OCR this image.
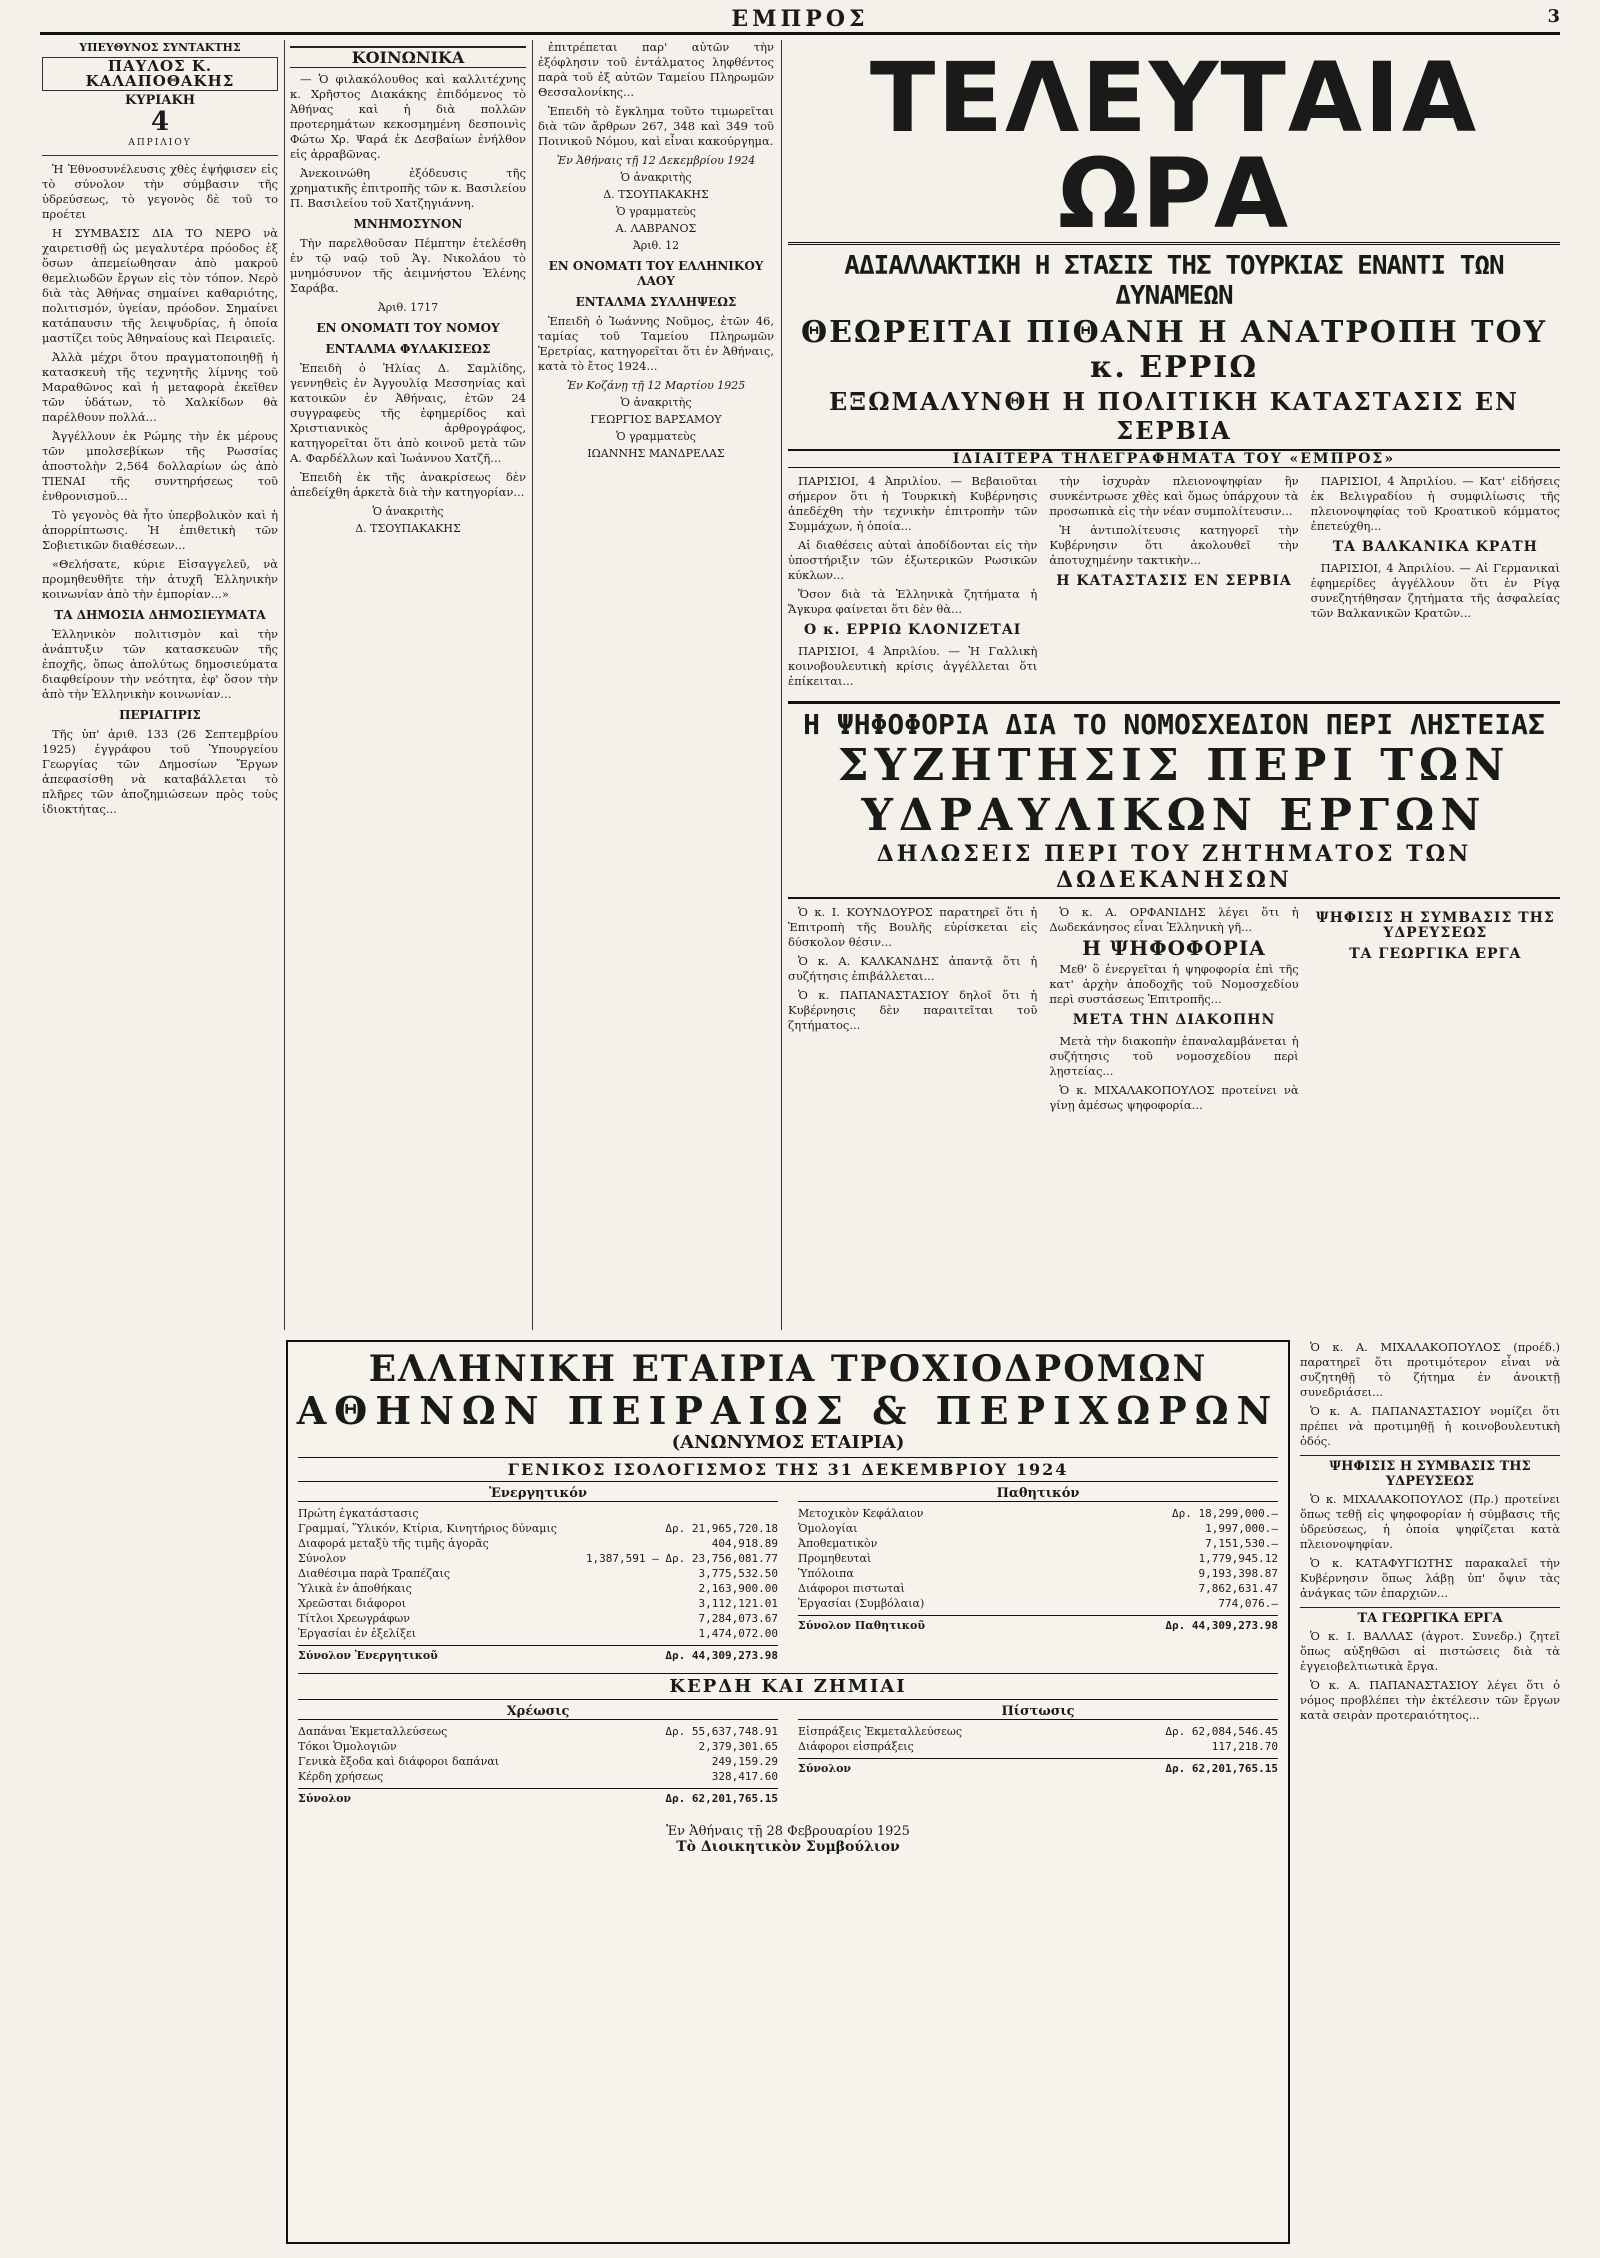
ΕΜΠΡΟΣ	3
ΥΠΕΥΘΥΝΟΣ ΣΥΝΤΑΚΤΗΣ
ΠΑΥΛΟΣ Κ. ΚΑΛΑΠΟΘΑΚΗΣ
ΚΥΡΙΑΚΗ
4
ΑΠΡΙΛΙΟΥ

Ἡ Ἐθνοσυνέλευσις χθὲς ἐψήφισεν εἰς τὸ σύνολον τὴν σύμβασιν τῆς ὑδρεύσεως, τὸ γεγονὸς δὲ τοῦ το προέτει

Η ΣΥΜΒΑΣΙΣ ΔΙΑ ΤΟ ΝΕΡΟ νὰ χαιρετισθῇ ὡς μεγαλυτέρα πρόοδος ἐξ ὅσων ἀπεμείωθησαν ἀπὸ μακροῦ θεμελιωδῶν ἔργων εἰς τὸν τόπον. Νερὸ διὰ τὰς Ἀθήνας σημαίνει καθαριότης, πολιτισμόν, ὑγείαν, πρόοδον. Σημαίνει κατάπαυσιν τῆς λειψυδρίας, ἡ ὁποία μαστίζει τοὺς Ἀθηναίους καὶ Πειραιεῖς.

Ἀλλὰ μέχρι ὅτου πραγματοποιηθῇ ἡ κατασκευὴ τῆς τεχνητῆς λίμνης τοῦ Μαραθῶνος καὶ ἡ μεταφορὰ ἐκεῖθεν τῶν ὑδάτων, τὸ Χαλκίδων θὰ παρέλθουν πολλά...

Ἀγγέλλουν ἐκ Ρώμης τὴν ἐκ μέρους τῶν μπολσεβίκων τῆς Ρωσσίας ἀποστολὴν 2,564 δολλαρίων ὡς ἀπὸ ΤΙΕΝΑΙ τῆς συντηρήσεως τοῦ ἐνθρονισμοῦ...

Τὸ γεγονὸς θὰ ἦτο ὑπερβολικὸν καὶ ἡ ἀπορρίπτωσις. Ἡ ἐπιθετικὴ τῶν Σοβιετικῶν διαθέσεων...

«Θελήσατε, κύριε Εἰσαγγελεῦ, νὰ προμηθευθῆτε τὴν ἀτυχῆ Ἑλληνικὴν κοινωνίαν ἀπὸ τὴν ἐμπορίαν...»

ΤΑ ΔΗΜΟΣΙΑ ΔΗΜΟΣΙΕΥΜΑΤΑ

Ἑλληνικὸν πολιτισμὸν καὶ τὴν ἀνάπτυξιν τῶν κατασκευῶν τῆς ἐποχῆς, ὅπως ἀπολύτως δημοσιεύματα διαφθείρουν τὴν νεότητα, ἐφ' ὅσον τὴν ἀπὸ τὴν Ἑλληνικὴν κοινωνίαν...

ΠΕΡΙΑΓΙΡΙΣ

Τῆς ὑπ' ἀριθ. 133 (26 Σεπτεμβρίου 1925) ἐγγράφου τοῦ Ὑπουργείου Γεωργίας τῶν Δημοσίων Ἔργων ἀπεφασίσθη νὰ καταβάλλεται τὸ πλῆρες τῶν ἀποζημιώσεων πρὸς τοὺς ἰδιοκτήτας...

ΚΟΙΝΩΝΙΚΑ

— Ὁ φιλακόλουθος καὶ καλλιτέχνης κ. Χρῆστος Διακάκης ἐπιδόμενος τὸ Ἀθήνας καὶ ἡ διὰ πολλῶν προτερημάτων κεκοσμημένη δεσποινὶς Φώτω Χρ. Ψαρά ἐκ Δεσβαίων ἐνήλθον εἰς ἀρραβῶνας.

Ἀνεκοινώθη ἐξόδευσις τῆς χρηματικῆς ἐπιτροπῆς τῶν κ. Βασιλείου Π. Βασιλείου τοῦ Χατζηγιάννη.

ΜΝΗΜΟΣΥΝΟΝ

Τὴν παρελθοῦσαν Πέμπτην ἐτελέσθη ἐν τῷ ναῷ τοῦ Ἁγ. Νικολάου τὸ μνημόσυνον τῆς ἀειμνήστου Ἑλένης Σαράβα.

Ἀριθ. 1717
ΕΝ ΟΝΟΜΑΤΙ ΤΟΥ ΝΟΜΟΥ
ΕΝΤΑΛΜΑ ΦΥΛΑΚΙΣΕΩΣ

Ἐπειδὴ ὁ Ἠλίας Δ. Σαμλίδης, γεννηθεὶς ἐν Ἀγγουλίᾳ Μεσσηνίας καὶ κατοικῶν ἐν Ἀθήναις, ἐτῶν 24 συγγραφεὺς τῆς ἐφημερίδος καὶ Χριστιανικὸς ἀρθρογράφος, κατηγορεῖται ὅτι ἀπὸ κοινοῦ μετὰ τῶν Α. Φαρδέλλων καὶ Ἰωάννου Χατζῆ...

Ἐπειδὴ ἐκ τῆς ἀνακρίσεως δὲν ἀπεδείχθη ἀρκετὰ διὰ τὴν κατηγορίαν...

Ὁ ἀνακριτὴς
Δ. ΤΣΟΥΠΑΚΑΚΗΣ

ἐπιτρέπεται παρ' αὐτῶν τὴν ἐξόφλησιν τοῦ ἐντάλματος ληφθέντος παρὰ τοῦ ἐξ αὐτῶν Ταμείου Πληρωμῶν Θεσσαλονίκης...

Ἐπειδὴ τὸ ἔγκλημα τοῦτο τιμωρεῖται διὰ τῶν ἄρθρων 267, 348 καὶ 349 τοῦ Ποινικοῦ Νόμου, καὶ εἶναι κακούργημα.

Ἐν Ἀθήναις τῇ 12 Δεκεμβρίου 1924
Ὁ ἀνακριτὴς
Δ. ΤΣΟΥΠΑΚΑΚΗΣ
Ὁ γραμματεὺς
Α. ΛΑΒΡΑΝΟΣ
Ἀριθ. 12
ΕΝ ΟΝΟΜΑΤΙ ΤΟΥ ΕΛΛΗΝΙΚΟΥ ΛΑΟΥ
ΕΝΤΑΛΜΑ ΣΥΛΛΗΨΕΩΣ

Ἐπειδὴ ὁ Ἰωάννης Νοῦμος, ἐτῶν 46, ταμίας τοῦ Ταμείου Πληρωμῶν Ἐρετρίας, κατηγορεῖται ὅτι ἐν Ἀθήναις, κατὰ τὸ ἔτος 1924...

Ἐν Κοζάνῃ τῇ 12 Μαρτίου 1925
Ὁ ἀνακριτὴς
ΓΕΩΡΓΙΟΣ ΒΑΡΣΑΜΟΥ
Ὁ γραμματεὺς
ΙΩΑΝΝΗΣ ΜΑΝΔΡΕΛΑΣ
ΤΕΛΕΥΤΑΙΑ ΩΡΑ
ΑΔΙΑΛΛΑΚΤΙΚΗ Η ΣΤΑΣΙΣ ΤΗΣ ΤΟΥΡΚΙΑΣ ΕΝΑΝΤΙ ΤΩΝ ΔΥΝΑΜΕΩΝ
ΘΕΩΡΕΙΤΑΙ ΠΙΘΑΝΗ Η ΑΝΑΤΡΟΠΗ ΤΟΥ κ. ΕΡΡΙΩ
ΕΞΩΜΑΛΥΝΘΗ Η ΠΟΛΙΤΙΚΗ ΚΑΤΑΣΤΑΣΙΣ ΕΝ ΣΕΡΒΙΑ
ΙΔΙΑΙΤΕΡΑ ΤΗΛΕΓΡΑΦΗΜΑΤΑ ΤΟΥ «ΕΜΠΡΟΣ»

ΠΑΡΙΣΙΟΙ, 4 Ἀπριλίου. — Βεβαιοῦται σήμερον ὅτι ἡ Τουρκικὴ Κυβέρνησις ἀπεδέχθη τὴν τεχνικὴν ἐπιτροπὴν τῶν Συμμάχων, ἡ ὁποία...

Αἱ διαθέσεις αὐταὶ ἀποδίδονται εἰς τὴν ὑποστήριξιν τῶν ἐξωτερικῶν Ρωσικῶν κύκλων...

Ὅσον διὰ τὰ Ἑλληνικὰ ζητήματα ἡ Ἄγκυρα φαίνεται ὅτι δὲν θὰ...

Ο κ. ΕΡΡΙΩ ΚΛΟΝΙΖΕΤΑΙ

ΠΑΡΙΣΙΟΙ, 4 Ἀπριλίου. — Ἡ Γαλλικὴ κοινοβουλευτικὴ κρίσις ἀγγέλλεται ὅτι ἐπίκειται...

τὴν ἰσχυρὰν πλειονοψηφίαν ἣν συνκέντρωσε χθὲς καὶ ὅμως ὑπάρχουν τὰ προσωπικὰ εἰς τὴν νέαν συμπολίτευσιν...

Ἡ ἀντιπολίτευσις κατηγορεῖ τὴν Κυβέρνησιν ὅτι ἀκολουθεῖ τὴν ἀποτυχημένην τακτικὴν...

Η ΚΑΤΑΣΤΑΣΙΣ ΕΝ ΣΕΡΒΙΑ

ΠΑΡΙΣΙΟΙ, 4 Ἀπριλίου. — Κατ' εἰδήσεις ἐκ Βελιγραδίου ἡ συμφιλίωσις τῆς πλειονοψηφίας τοῦ Κροατικοῦ κόμματος ἐπετεύχθη...

ΤΑ ΒΑΛΚΑΝΙΚΑ ΚΡΑΤΗ

ΠΑΡΙΣΙΟΙ, 4 Ἀπριλίου. — Αἱ Γερμανικαὶ ἐφημερίδες ἀγγέλλουν ὅτι ἐν Ρίγᾳ συνεζητήθησαν ζητήματα τῆς ἀσφαλείας τῶν Βαλκανικῶν Κρατῶν...

Η ΨΗΦΟΦΟΡΙΑ ΔΙΑ ΤΟ ΝΟΜΟΣΧΕΔΙΟΝ ΠΕΡΙ ΛΗΣΤΕΙΑΣ
ΣΥΖΗΤΗΣΙΣ ΠΕΡΙ ΤΩΝ ΥΔΡΑΥΛΙΚΩΝ ΕΡΓΩΝ
ΔΗΛΩΣΕΙΣ ΠΕΡΙ ΤΟΥ ΖΗΤΗΜΑΤΟΣ ΤΩΝ ΔΩΔΕΚΑΝΗΣΩΝ

Ὁ κ. Ι. ΚΟΥΝΔΟΥΡΟΣ παρατηρεῖ ὅτι ἡ Ἐπιτροπὴ τῆς Βουλῆς εὑρίσκεται εἰς δύσκολον θέσιν...

Ὁ κ. Α. ΚΑΛΚΑΝΔΗΣ ἀπαντᾷ ὅτι ἡ συζήτησις ἐπιβάλλεται...

Ὁ κ. ΠΑΠΑΝΑΣΤΑΣΙΟΥ δηλοῖ ὅτι ἡ Κυβέρνησις δὲν παραιτεῖται τοῦ ζητήματος...

Ὁ κ. Α. ΟΡΦΑΝΙΔΗΣ λέγει ὅτι ἡ Δωδεκάνησος εἶναι Ἑλληνικὴ γῆ...

Η ΨΗΦΟΦΟΡΙΑ

Μεθ' ὃ ἐνεργεῖται ἡ ψηφοφορία ἐπὶ τῆς κατ' ἀρχὴν ἀποδοχῆς τοῦ Νομοσχεδίου περὶ συστάσεως Ἐπιτροπῆς...

ΜΕΤΑ ΤΗΝ ΔΙΑΚΟΠΗΝ

Μετὰ τὴν διακοπὴν ἐπαναλαμβάνεται ἡ συζήτησις τοῦ νομοσχεδίου περὶ λῃστείας...

Ὁ κ. ΜΙΧΑΛΑΚΟΠΟΥΛΟΣ προτείνει νὰ γίνῃ ἀμέσως ψηφοφορία...

ΨΗΦΙΣΙΣ Η ΣΥΜΒΑΣΙΣ ΤΗΣ ΥΔΡΕΥΣΕΩΣ
ΤΑ ΓΕΩΡΓΙΚΑ ΕΡΓΑ
ΕΛΛΗΝΙΚΗ ΕΤΑΙΡΙΑ ΤΡΟΧΙΟΔΡΟΜΩΝ
ΑΘΗΝΩΝ ΠΕΙΡΑΙΩΣ & ΠΕΡΙΧΩΡΩΝ
(ΑΝΩΝΥΜΟΣ ΕΤΑΙΡΙΑ)
ΓΕΝΙΚΟΣ ΙΣΟΛΟΓΙΣΜΟΣ ΤΗΣ 31 ΔΕΚΕΜΒΡΙΟΥ 1924
Ἐνεργητικόν
Πρώτη ἐγκατάστασις
Γραμμαί, Ὕλικόν, Κτίρια, Κινητήριος δύναμις	Δρ. 21,965,720.18
Διαφορά μεταξὺ τῆς τιμῆς ἀγορᾶς	404,918.89
Σύνολον	1,387,591 — Δρ. 23,756,081.77
Διαθέσιμα παρὰ Τραπέζαις	3,775,532.50
Ὑλικὰ ἐν ἀποθήκαις	2,163,900.00
Χρεῶσται διάφοροι	3,112,121.01
Τίτλοι Χρεωγράφων	7,284,073.67
Ἐργασίαι ἐν ἐξελίξει	1,474,072.00
Σύνολον Ἐνεργητικοῦ	Δρ. 44,309,273.98
Παθητικόν
Μετοχικὸν Κεφάλαιον	Δρ. 18,299,000.—
Ὁμολογίαι	1,997,000.—
Ἀποθεματικὸν	7,151,530.—
Προμηθευταὶ	1,779,945.12
Ὑπόλοιπα	9,193,398.87
Διάφοροι πιστωταὶ	7,862,631.47
Ἐργασίαι (Συμβόλαια)	774,076.—
Σύνολον Παθητικοῦ	Δρ. 44,309,273.98
ΚΕΡΔΗ ΚΑΙ ΖΗΜΙΑΙ
Χρέωσις
Δαπάναι Ἐκμεταλλεύσεως	Δρ. 55,637,748.91
Τόκοι Ὁμολογιῶν	2,379,301.65
Γενικὰ ἔξοδα καὶ διάφοροι δαπάναι	249,159.29
Κέρδη χρήσεως	328,417.60
Σύνολον	Δρ. 62,201,765.15
Πίστωσις
Εἰσπράξεις Ἐκμεταλλεύσεως	Δρ. 62,084,546.45
Διάφοροι εἰσπράξεις	117,218.70
Σύνολον	Δρ. 62,201,765.15
Ἐν Ἀθήναις τῇ 28 Φεβρουαρίου 1925
Τὸ Διοικητικὸν Συμβούλιον

Ὁ κ. Α. ΜΙΧΑΛΑΚΟΠΟΥΛΟΣ (προέδ.) παρατηρεῖ ὅτι προτιμότερον εἶναι νὰ συζητηθῇ τὸ ζήτημα ἐν ἀνοικτῇ συνεδριάσει...

Ὁ κ. Α. ΠΑΠΑΝΑΣΤΑΣΙΟΥ νομίζει ὅτι πρέπει νὰ προτιμηθῇ ἡ κοινοβουλευτικὴ ὁδός.

ΨΗΦΙΣΙΣ Η ΣΥΜΒΑΣΙΣ ΤΗΣ ΥΔΡΕΥΣΕΩΣ

Ὁ κ. ΜΙΧΑΛΑΚΟΠΟΥΛΟΣ (Πρ.) προτείνει ὅπως τεθῇ εἰς ψηφοφορίαν ἡ σύμβασις τῆς ὑδρεύσεως, ἡ ὁποία ψηφίζεται κατὰ πλειονοψηφίαν.

Ὁ κ. ΚΑΤΑΦΥΓΙΩΤΗΣ παρακαλεῖ τὴν Κυβέρνησιν ὅπως λάβῃ ὑπ' ὄψιν τὰς ἀνάγκας τῶν ἐπαρχιῶν...

ΤΑ ΓΕΩΡΓΙΚΑ ΕΡΓΑ

Ὁ κ. Ι. ΒΑΛΛΑΣ (ἀγροτ. Συνεδρ.) ζητεῖ ὅπως αὐξηθῶσι αἱ πιστώσεις διὰ τὰ ἐγγειοβελτιωτικὰ ἔργα.

Ὁ κ. Α. ΠΑΠΑΝΑΣΤΑΣΙΟΥ λέγει ὅτι ὁ νόμος προβλέπει τὴν ἐκτέλεσιν τῶν ἔργων κατὰ σειρὰν προτεραιότητος...
